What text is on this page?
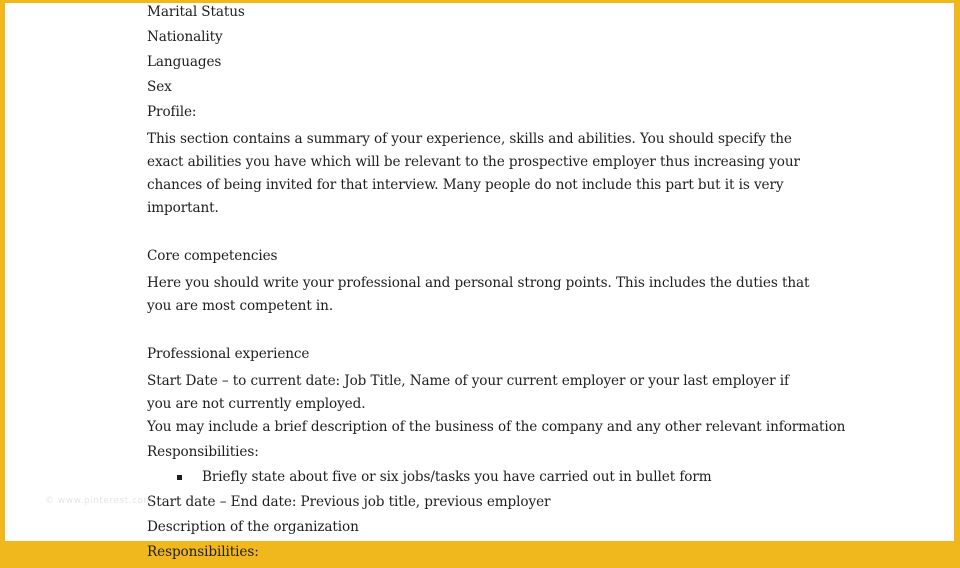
Marital Status
Nationality
Languages
Sex
Profile:
This section contains a summary of your experience, skills and abilities. You should specify the exact abilities you have which will be relevant to the prospective employer thus increasing your chances of being invited for that interview. Many people do not include this part but it is very important.
Core competencies
Here you should write your professional and personal strong points. This includes the duties that you are most competent in.
Professional experience
Start Date – to current date: Job Title, Name of your current employer or your last employer if you are not currently employed.
You may include a brief description of the business of the company and any other relevant information
Responsibilities:
Briefly state about five or six jobs/tasks you have carried out in bullet form
Start date – End date: Previous job title, previous employer
Description of the organization
Responsibilities:
© www.pinterest.com
